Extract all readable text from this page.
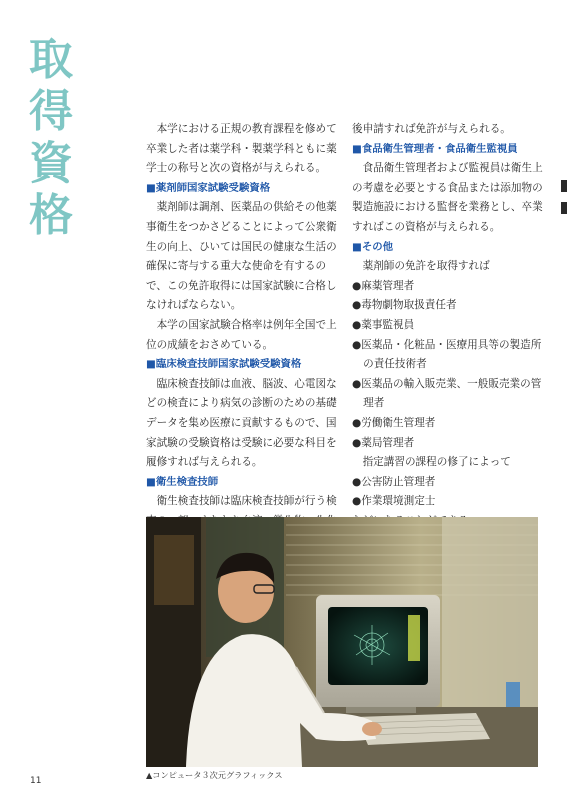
取
得
資
格

本学における正規の教育課程を修めて卒業した者は薬学科・製薬学科ともに薬学士の称号と次の資格が与えられる。

■薬剤師国家試験受験資格

薬剤師は調剤、医薬品の供給その他薬事衛生をつかさどることによって公衆衛生の向上、ひいては国民の健康な生活の確保に寄与する重大な使命を有するので、この免許取得には国家試験に合格しなければならない。

本学の国家試験合格率は例年全国で上位の成績をおさめている。

■臨床検査技師国家試験受験資格

臨床検査技師は血液、脳波、心電図などの検査により病気の診断のための基礎データを集め医療に貢献するもので、国家試験の受験資格は受験に必要な科目を履修すれば与えられる。

■衛生検査技師

衛生検査技師は臨床検査技師が行う検

後申請すれば免許が与えられる。
■食品衛生管理者・食品衛生監視員

食品衛生管理者および監視員は衛生上の考慮を必要とする食品または添加物の製造施設における監督を業務とし、卒業すればこの資格が与えられる。

■その他

薬剤師の免許を取得すれば

●麻薬管理者
●毒物劇物取扱責任者
●薬事監視員
●医薬品・化粧品・医療用具等の製造所の責任技術者
●医薬品の輸入販売業、一般販売業の管理者
●労働衛生管理者
●薬局管理者

指定講習の課程の修了によって

●公害防止管理者
●作業環境測定士
▲コンピュータ３次元グラフィックス
11
